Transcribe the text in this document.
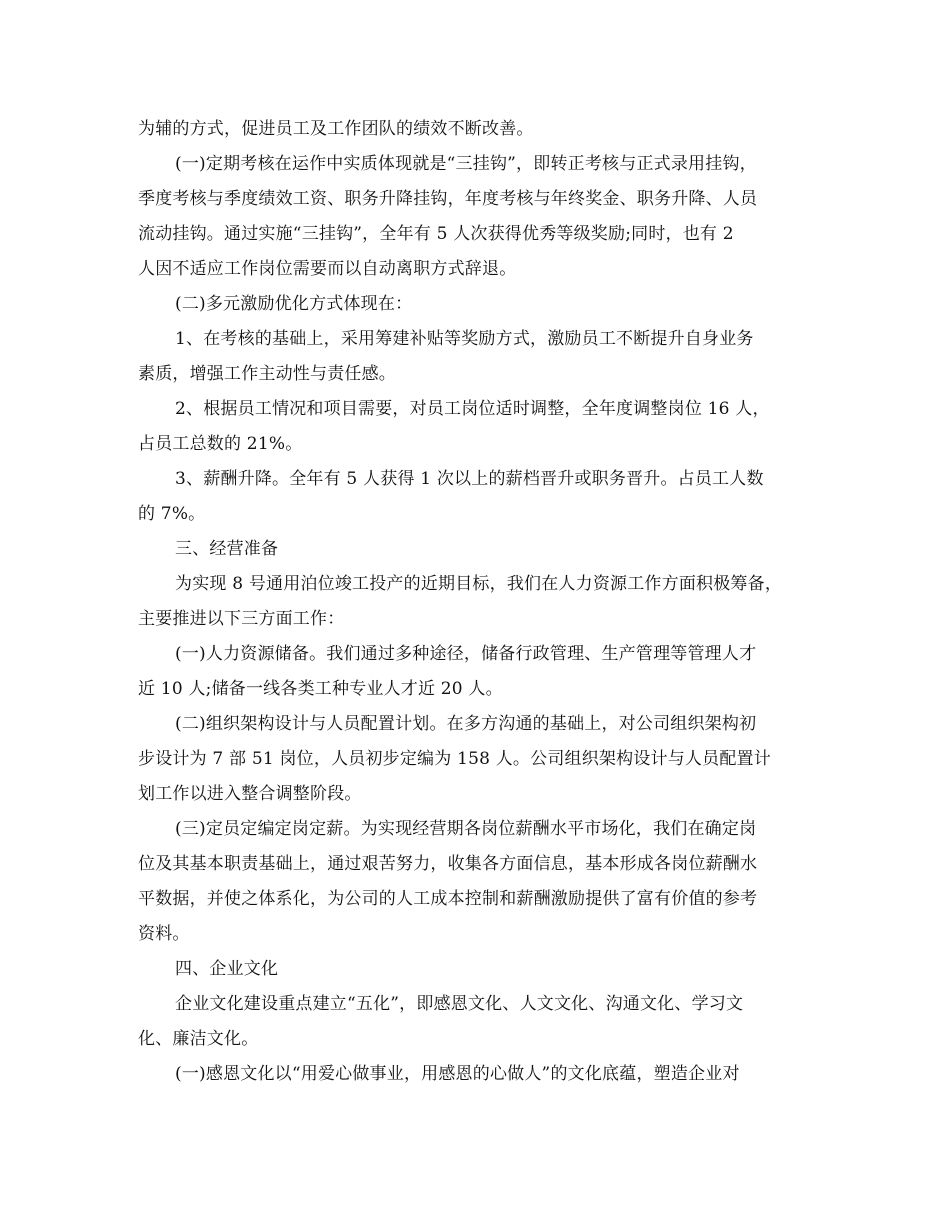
为辅的方式，促进员工及工作团队的绩效不断改善。
(一)定期考核在运作中实质体现就是“三挂钩”，即转正考核与正式录用挂钩，
季度考核与季度绩效工资、职务升降挂钩，年度考核与年终奖金、职务升降、人员
流动挂钩。通过实施“三挂钩”，全年有 5 人次获得优秀等级奖励;同时，也有 2
人因不适应工作岗位需要而以自动离职方式辞退。
(二)多元激励优化方式体现在：
1、在考核的基础上，采用筹建补贴等奖励方式，激励员工不断提升自身业务
素质，增强工作主动性与责任感。
2、根据员工情况和项目需要，对员工岗位适时调整，全年度调整岗位 16 人，
占员工总数的 21%。
3、薪酬升降。全年有 5 人获得 1 次以上的薪档晋升或职务晋升。占员工人数
的 7%。
三、经营准备
为实现 8 号通用泊位竣工投产的近期目标，我们在人力资源工作方面积极筹备，
主要推进以下三方面工作：
(一)人力资源储备。我们通过多种途径，储备行政管理、生产管理等管理人才
近 10 人;储备一线各类工种专业人才近 20 人。
(二)组织架构设计与人员配置计划。在多方沟通的基础上，对公司组织架构初
步设计为 7 部 51 岗位，人员初步定编为 158 人。公司组织架构设计与人员配置计
划工作以进入整合调整阶段。
(三)定员定编定岗定薪。为实现经营期各岗位薪酬水平市场化，我们在确定岗
位及其基本职责基础上，通过艰苦努力，收集各方面信息，基本形成各岗位薪酬水
平数据，并使之体系化，为公司的人工成本控制和薪酬激励提供了富有价值的参考
资料。
四、企业文化
企业文化建设重点建立“五化”，即感恩文化、人文文化、沟通文化、学习文
化、廉洁文化。
(一)感恩文化以“用爱心做事业，用感恩的心做人”的文化底蕴，塑造企业对
